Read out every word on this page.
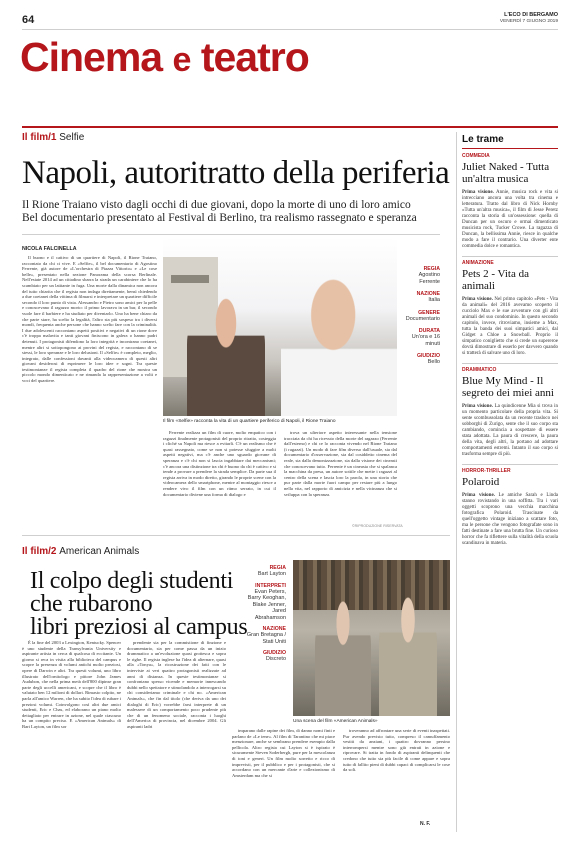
64	L'ECO DI BERGAMO
VENERDÌ 7 GIUGNO 2019
Cinema e teatro
Il film/1 Selfie
Napoli, autoritratto della periferia
Il Rione Traiano visto dagli occhi di due giovani, dopo la morte di uno di loro amico
Bel documentario presentato al Festival di Berlino, tra realismo rassegnato e speranza
NICOLA FALCINELLA

Il buono e il cattivo di un quartiere di Napoli, il Rione Traiano, raccontato da chi ci vive. E «Selfie», il bel documentario di Agostino Ferrente, già autore de «L'orchestra di Piazza Vittorio» e «Le cose belle», presentato nella sezione Panorama della scorsa Berlinale. Nell'estate 2014 ad un cittadino sbarra la strada un carabiniere che lo ha scambiato per un latitante in fuga. Una morte dalla dinamica non ancora del tutto chiarita che il regista non indaga direttamente, bensì chiedendo a due coetanei della vittima di filmarsi e interpretare un quartiere difficile secondo il loro punto di vista. Alessandro e Pietro sono amici per la pelle e conoscevano il ragazzo morto: il primo lavorava in un bar, il secondo vuole fare il barbiere e ha studiato per diventarlo. Uno ha bene chiaro da che parte stare, ha scelto la legalità, l'altro sta più sospeso tra i diversi mondi, frequenta anche persone che hanno scelto fare con la criminalità. I due adolescenti raccontano aspetti positivi e negativi di un rione dove c'è troppa malavita e tanti giovani finiscono in galera o hanno padri detenuti. I protagonisti difendono la loro integrità e incontrano coetanei, mentre altri si sottopongono ai provini del regista, e raccontano di se stessi, le loro speranze e le loro delusioni. Il «Selfie» è completo, meglio, integrato, dalle confessioni davanti alla videocamera di questi altri giovani desiderosi di esprimere le loro idee e sogni. Tra queste testimonianze il regista completa il quadro del rione che mostra un piccolo mondo dimenticato e ne rimanda la rappresentazione a volti e voci del quartiere.

Il film «Selfie» racconta la vita di un quartiere periferico di Napoli, il Rione Traiano
REGIA
Agostino Ferrente
NAZIONE
Italia
GENERE
Documentario
DURATA
Un'ora e 16 minuti
GIUDIZIO
Bello

Ferrente realizza un film di cuore, molto empatico con i ragazzi finalmente protagonisti del proprio ritratto, costeggia i cliché su Napoli ma riesce a evitarli. C'è un realismo che è quasi rassegnato, come se non si potesse sfuggire a molti aspetti negativi, ma c'è anche uno sguardo giovane di speranza e c'è chi non si lascia ingabbiare dai meccanismi; c'è ancora una distinzione tra chi è buono da chi è cattivo e si tende a provare a prendere la strada semplice. Da parte sua il regista arriva in modo diretto, girando le proprie scene con la videocamera dello smartphone, mentre al montaggio riesce a rendere vivo il film con un ritmo serrato, in cui il documentario diviene una forma di dialogo e

trova un ulteriore aspetto interessante nella tensione tracciata da chi ha ricevuto della morte del ragazzo (Ferrente dall'esterno) e chi ce lo racconta vivendo nel Rione Traiano (i ragazzi). Un modo di fare film diverso dall'usuale, sia dal documentario d'osservazione, sia dal cosiddetto cinema del reale, sia dalla demonizzazione, sia dalla visione dei cineasti che conoscevano tutto. Ferrente è un cineasta che si spalanca la macchina da presa, un autore sottile che mette i ragazzi al centro della scena e lascia loro la parola, in una storia che pur parte dalla morte fuori campo per restare più a lungo nella vita, nel rapporto di amicizia e nella vicinanza che si sviluppa con la speranza.

©RIPRODUZIONE RISERVATA
Il film/2 American Animals
Il colpo degli studenti
che rubarono
libri preziosi al campus
REGIA
Bart Layton
INTERPRETI
Evan Peters, Barry Keoghan, Blake Jenner, Jared Abrahamson
NAZIONE
Gran Bretagna / Stati Uniti
GIUDIZIO
Discreto
Una scena del film «American Animals»

È la fine del 2003 a Lexington, Kentucky. Spencer è uno studente della Transylvania University e aspirante artista in cerca di qualcosa di eccitante. Un giorno si reca in visita alla biblioteca del campus e scopre la presenza di volumi antichi molto preziosi, opere di Darwin e altri. Tra questi volumi, uno libro illustrato dell'ornitologo e pittore John James Audubon, che nella prima metà dell'800 dipinse gran parte degli uccelli americani, e scopre che il libro è valutato ben 12 milioni di dollari. Rimasto colpito, ne parla all'amico Warren, che ha subito l'idea di rubare i preziosi volumi. Coinvolgono così altri due amici studenti, Eric e Chas, ed elaborano un piano molto dettagliato per entrare in azione, nel quale ciascuno ha un compito preciso. E «American Animals» di Bart Layton, un film sor

prendente sia per la commistione di finzione e documentario, sia per come passa da un inizio drammatico a un'evoluzione quasi grottesca e sopra le righe. Il regista inglese ha l'idea di alternare, quasi alla «Tonya», la ricostruzione dei fatti con le interviste ai veri quattro protagonisti realizzate ad anni di distanza. In queste testimonianze si confrontano spesso vicende e memorie innescando dubbi nello spettatore e stimolandolo a interrogarsi su chi consideriamo criminale e chi no. «American Animals», che fin dal titolo (che deriva da uno dei dialoghi di Eric) vorrebbe farsi interprete di un malessere di un comportamento poco prudente più che di un fenomeno sociale, racconta i luoghi dell'America di provincia, nel dicembre 2004. Gli aspiranti ladri

imparano dalle rapine dei film, di danno nomi finti e parlano de «Le iene». Al film di Tarantino che mi piace menzionare, anche se sembrano prendere esempio dalla pellicola. Altro regista cui Layton si è ispirato è sicuramente Steven Soderbergh, pure per la mescolanza di toni e generi. Un film molto sorretto e ricco di imprevisti, per il pubblico e per i protagonisti, che si accordano con un mercante d'arte e collezionismo di Amsterdam ma che si

troveranno ad affrontare una serie di eventi inaspettati. Pur avendo previsto tutto, compreso il camuffamento vestiti da anziani, i quattro dovranno persino interrompersi mentre sono già entrati in azione e riprovare. Si tratta in fondo di aspiranti delinquenti che credono che tutto sia più facile di come appare e sopra tutto di fallito pieni di dubbi capaci di complicarsi le cose da soli.

N. F.
Le trame
COMMEDIA
Juliet Naked - Tutta un'altra musica
Prima visione. Annie, musica rock e vita si intrecciano ancora una volta tra cinema e letteratura. Tratto dal libro di Nick Hornby «Tutta un'altra musica», il film di Jesse Peretz racconta la storia di un'ossessione: quella di Duncan per un oscuro e ormai dimenticato musicista rock, Tucker Crowe. La ragazza di Duncan, la bellissima Annie, riesce in qualche modo a fare il contrario. Una diverter ente commedia dolce e romantica.
ANIMAZIONE
Pets 2 - Vita da animali
Prima visione. Nel primo capitolo «Pets - Vita da animali» del 2016 avevamo scoperto il cucciolo Max e le sue avventure con gli altri animali del suo condominio. In questo secondo capitolo, invece, ritroviamo, insieme a Max, tutta la banda dei suoi simpatici amici, dal Gidget a Chloe a Snowball. Proprio il simpatico coniglietto che si crede un supereroe dovrà dimostrare di esserlo per davvero quando si tratterà di salvare uno di loro.
DRAMMATICO
Blue My Mind - Il segreto dei miei anni
Prima visione. La quindicenne Mia si trova in un momento particolare della propria vita. Si sente scombussolata da un recente trasloco nei sobborghi di Zurigo, sente che il suo corpo sta cambiando, comincia a sospettare di essere stata adottata. La paura di crescere, la paura della vita, degli altri, la portano ad adottare comportamenti estremi. Intanto il suo corpo si trasforma sempre di più.
HORROR-THRILLER
Polaroid
Prima visione. Le amiche Sarah e Linda stanno rovistando in una soffitta. Tra i vari oggetti scoprono una vecchia macchina fotografica Polaroid. Trascinate da quell'oggetto vintage iniziano a scattare foto, ma le persone che vengono fotografate sono in fatti destinate a fare una brutta fine. Un curioso horror che fa riflettere sulla vitalità della scuola scandinava in materia.
